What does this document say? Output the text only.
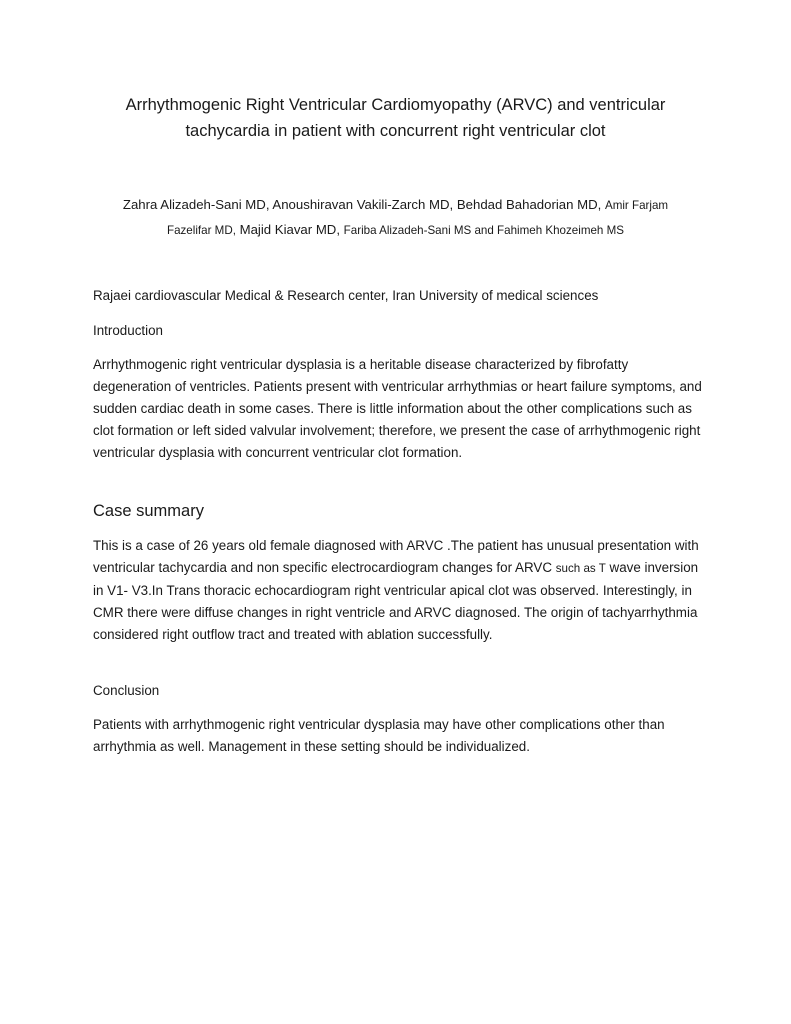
Arrhythmogenic Right Ventricular Cardiomyopathy (ARVC) and ventricular
tachycardia in patient with concurrent right ventricular clot

Zahra Alizadeh-Sani MD, Anoushiravan Vakili-Zarch MD, Behdad Bahadorian MD, Amir Farjam
Fazelifar MD, Majid Kiavar MD, Fariba Alizadeh-Sani MS and Fahimeh Khozeimeh MS

Rajaei cardiovascular Medical & Research center, Iran University of medical sciences

Introduction

Arrhythmogenic right ventricular dysplasia is a heritable disease characterized by fibrofatty degeneration of ventricles. Patients present with ventricular arrhythmias or heart failure symptoms, and sudden cardiac death in some cases. There is little information about the other complications such as clot formation or left sided valvular involvement; therefore, we present the case of arrhythmogenic right ventricular dysplasia with concurrent ventricular clot formation.

Case summary

This is a case of 26 years old female diagnosed with ARVC .The patient has unusual presentation with ventricular tachycardia and non specific electrocardiogram changes for ARVC such as T wave inversion in V1- V3.In Trans thoracic echocardiogram right ventricular apical clot was observed. Interestingly, in CMR there were diffuse changes in right ventricle and ARVC diagnosed. The origin of tachyarrhythmia considered right outflow tract and treated with ablation successfully.

Conclusion

Patients with arrhythmogenic right ventricular dysplasia may have other complications other than arrhythmia as well. Management in these setting should be individualized.
